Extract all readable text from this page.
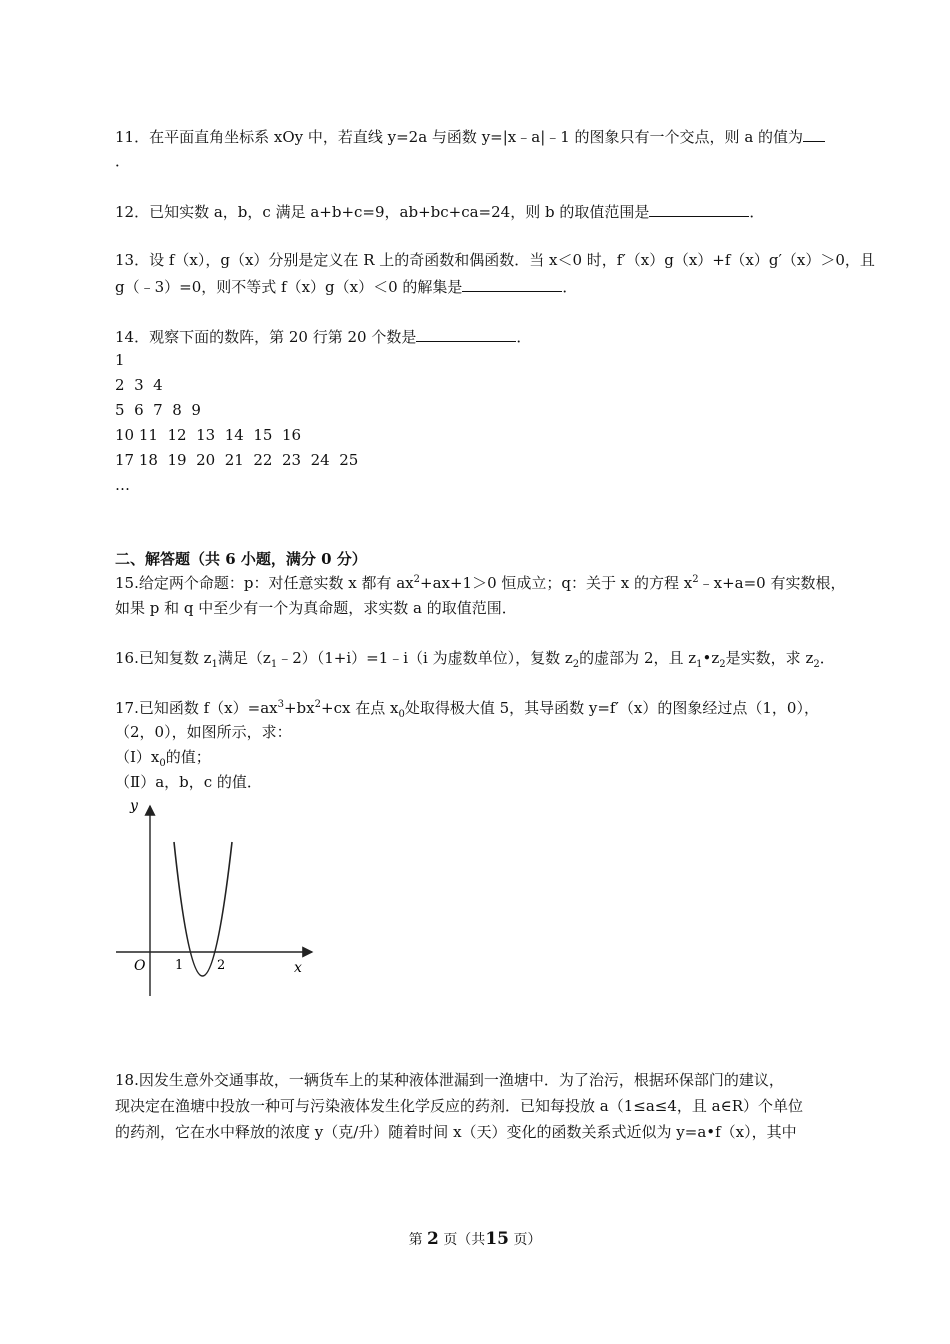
11．在平面直角坐标系 xOy 中，若直线 y=2a 与函数 y=|x﹣a|﹣1 的图象只有一个交点，则 a 的值为
．
12．已知实数 a，b，c 满足 a+b+c=9，ab+bc+ca=24，则 b 的取值范围是	．
13．设 f（x），g（x）分别是定义在 R 上的奇函数和偶函数．当 x＜0 时，f′（x）g（x）+f（x）g′（x）＞0，且
g（﹣3）=0，则不等式 f（x）g（x）＜0 的解集是	．
14．观察下面的数阵，第 20 行第 20 个数是	．
1
2  3  4
5  6  7  8  9
10 11  12  13  14  15  16
17 18  19  20  21  22  23  24  25
…
二、解答题（共 6 小题，满分 0 分）
15.给定两个命题：p：对任意实数 x 都有 $ax^2+ax+1>0$ 恒成立；q：关于 x 的方程 $x^2﹣x+a=0$ 有实数根，
如果 p 和 q 中至少有一个为真命题，求实数 a 的取值范围．
16.已知复数 $z_1$满足$(z_1﹣2)(1+i)=1﹣i(i$ 为虚数单位），复数 $z_2$的虚部为 2，且 $z_1•z_2$是实数，求 $z_2$．
17.已知函数 $f(x)=ax^3+bx^2+cx$ 在点 $x_0$处取得极大值 5，其导函数 y=f′（x）的图象经过点（1，0），
（2，0），如图所示，求：
$(Ⅰ)x_0$的值；
（Ⅱ）a，b，c 的值．
y
x
O 1	2
18.因发生意外交通事故，一辆货车上的某种液体泄漏到一渔塘中．为了治污，根据环保部门的建议，
现决定在渔塘中投放一种可与污染液体发生化学反应的药剂．已知每投放 a（1≤a≤4，且 a∈R）个单位
的药剂，它在水中释放的浓度 y（克/升）随着时间 x（天）变化的函数关系式近似为 y=a•f（x），其中
第 2 页（共15 页）
